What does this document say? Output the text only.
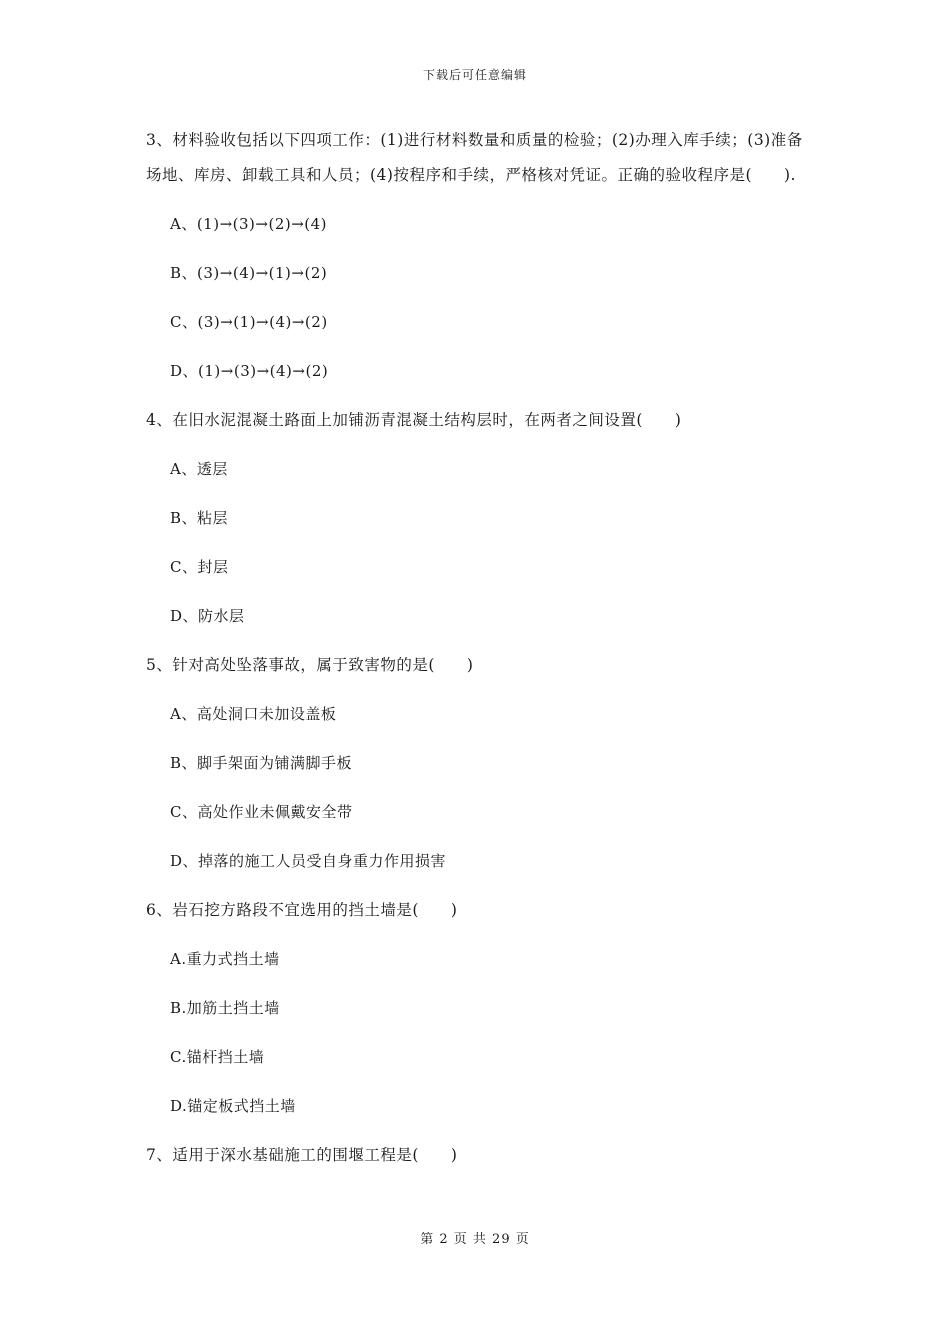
下载后可任意编辑

3、材料验收包括以下四项工作：(1)进行材料数量和质量的检验；(2)办理入库手续；(3)准备场地、库房、卸载工具和人员；(4)按程序和手续，严格核对凭证。正确的验收程序是(　　).

A、(1)→(3)→(2)→(4)
B、(3)→(4)→(1)→(2)
C、(3)→(1)→(4)→(2)
D、(1)→(3)→(4)→(2)

4、在旧水泥混凝土路面上加铺沥青混凝土结构层时，在两者之间设置(　　)

A、透层
B、粘层
C、封层
D、防水层

5、针对高处坠落事故，属于致害物的是(　　)

A、高处洞口未加设盖板
B、脚手架面为铺满脚手板
C、高处作业未佩戴安全带
D、掉落的施工人员受自身重力作用损害

6、岩石挖方路段不宜选用的挡土墙是(　　)

A.重力式挡土墙
B.加筋土挡土墙
C.锚杆挡土墙
D.锚定板式挡土墙

7、适用于深水基础施工的围堰工程是(　　)

第 2 页 共 29 页
